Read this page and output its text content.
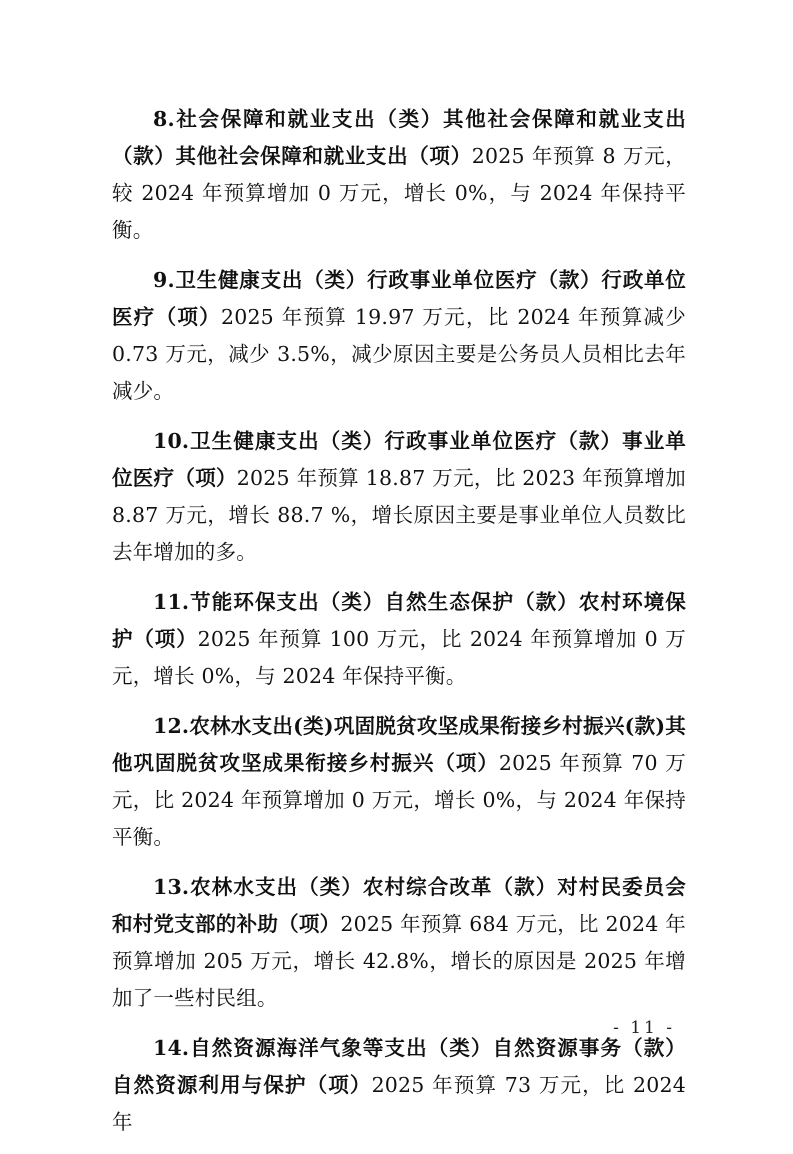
8.社会保障和就业支出（类）其他社会保障和就业支出（款）其他社会保障和就业支出（项）2025 年预算 8 万元，较 2024 年预算增加 0 万元，增长 0%，与 2024 年保持平衡。

9.卫生健康支出（类）行政事业单位医疗（款）行政单位医疗（项）2025 年预算 19.97 万元，比 2024 年预算减少 0.73 万元，减少 3.5%，减少原因主要是公务员人员相比去年减少。

10.卫生健康支出（类）行政事业单位医疗（款）事业单位医疗（项）2025 年预算 18.87 万元，比 2023 年预算增加 8.87 万元，增长 88.7 %，增长原因主要是事业单位人员数比去年增加的多。

11.节能环保支出（类）自然生态保护（款）农村环境保护（项）2025 年预算 100 万元，比 2024 年预算增加 0 万元，增长 0%，与 2024 年保持平衡。

12.农林水支出(类)巩固脱贫攻坚成果衔接乡村振兴(款)其他巩固脱贫攻坚成果衔接乡村振兴（项）2025 年预算 70 万元，比 2024 年预算增加 0 万元，增长 0%，与 2024 年保持平衡。

13.农林水支出（类）农村综合改革（款）对村民委员会和村党支部的补助（项）2025 年预算 684 万元，比 2024 年预算增加 205 万元，增长 42.8%，增长的原因是 2025 年增加了一些村民组。

14.自然资源海洋气象等支出（类）自然资源事务（款）自然资源利用与保护（项）2025 年预算 73 万元，比 2024 年

- 11 -
